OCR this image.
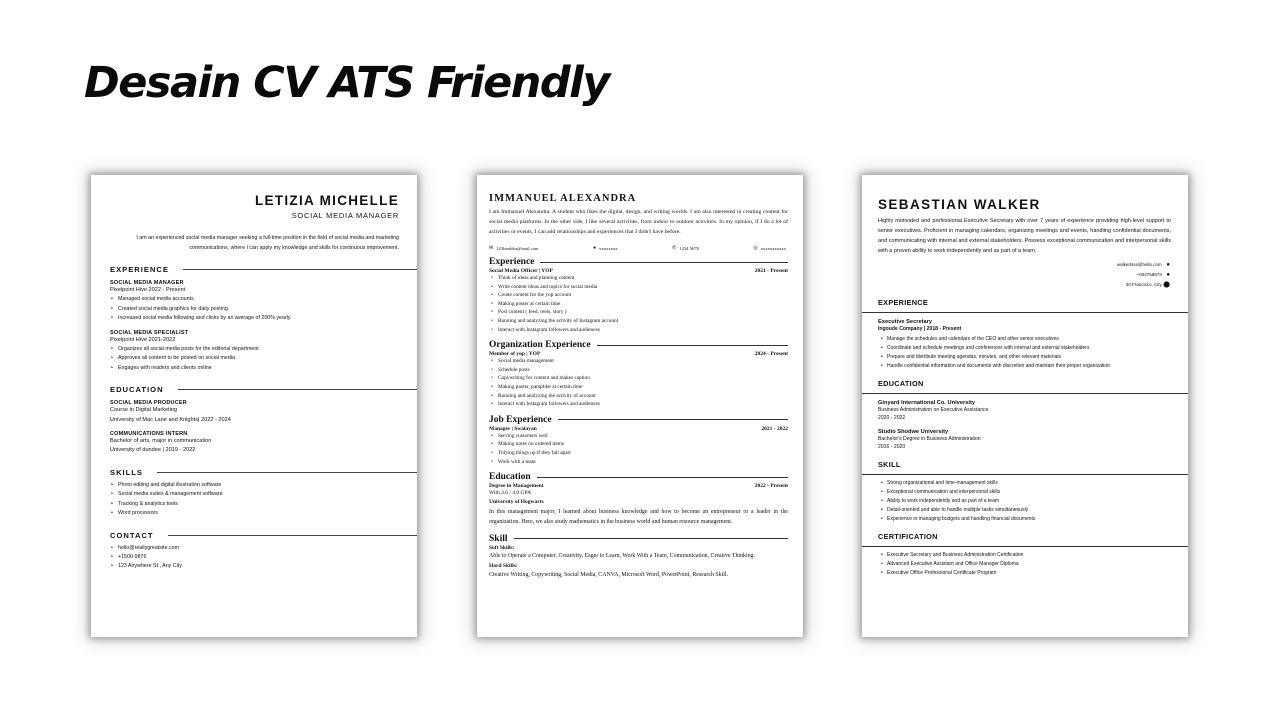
Desain CV ATS Friendly
LETIZIA MICHELLE
SOCIAL MEDIA MANAGER
I am an experienced social media manager seeking a full-time position in the field of social media and marketing communications, where I can apply my knowledge and skills for continuous improvement.
EXPERIENCE
SOCIAL MEDIA MANAGER
Pixelpoint Hive 2022 - Present
• Managed social media accounts.
• Created social media graphics for daily posting.
• Increased social media following and clicks by an average of 200% yearly.
SOCIAL MEDIA SPECIALIST
Pixelpoint Hive 2021-2022
• Organizes all social media posts for the editorial department
• Approves all content to be posted on social media
• Engages with readers and clients online
EDUCATION
SOCIAL MEDIA PRODUCER
Course in Digital Marketing
University of Mac Lane and Knights| 2022 - 2024
COMMUNICATIONS INTERN
Bachelor of arts, major in communication
University of dundee | 2019 - 2022
SKILLS
• Photo editing and digital illustration software
• Social media suites & management software
• Tracking & analytics tools
• Word processors
CONTACT
• hello@reallygreatsite.com
• +1500-9876
• 123 Anywhere St., Any City
IMMANUEL ALEXANDRA
I am Immanuel Alexandra. A student who likes the digital, design, and writing worlds. I am also interested in creating content for social media platforms. In the other side, I like several activities, from indoor to outdoor activities. In my opinion, if I do a lot of activities or events, I can add relationships and experiences that I didn't have before.
✉ 123lmaldra@mail.com	● xxxxxxxx	✆ 1234 5678	◎ xxxxxxxxxxx
Experience
Social Media Officer | YOP	2021 - Present
• Think of ideas and planning content
• Write content ideas and topics for social media
• Create content for the yop account
• Making poster at certain time
• Post content ( feed, reels, story )
• Running and analyzing the activity of Instagram account
• Interact with Instagram followers and audiences
Organization Experience
Member of yop | YOP	2024 - Present
• Social media management
• Schedule posts
• Copywriting for content and makes caption
• Making poster, pamphlet at certain time
• Running and analyzing the activity of account
• Interact with Instagram followers and audiences
Job Experience
Manager | Swalayan	2021 - 2022
• Serving customers well
• Making notes on ordered items
• Tidying things up if they fall apart
• Work with a team
Education
Degree in Management	2022 - Present
With 3.6 / 4.0 GPA
University of Hogwarts
In this management major, I learned about business knowledge and how to become an entrepreneur or a leader in the organization. Here, we also study mathematics in the business world and human resource management.
Skill
Soft Skills:
Able to Operate a Computer, Creativity, Eager to Learn, Work With a Team, Communication, Creative Thinking.
Hard Skills:
Creative Writing, Copywriting, Social Media, CANVA, Microsoft Word, PowerPoint, Research Skill.
SEBASTIAN WALKER
Highly motivated and professional Executive Secretary with over 7 years of experience providing high-level support to senior executives. Proficient in managing calendars, organizing meetings and events, handling confidential documents, and communicating with internal and external stakeholders. Possess exceptional communication and interpersonal skills with a proven ability to work independently and as part of a team.
walkertsss@hello.com ●
+003758873 ●
30 Francisco, City ⬤
EXPERIENCE
Executive Secretary
Ingoude Company | 2018 - Present
• Manage the schedules and calendars of the CEO and other senior executives
• Coordinate and schedule meetings and conferences with internal and external stakeholders
• Prepare and distribute meeting agendas, minutes, and other relevant materials
• Handle confidential information and documents with discretion and maintain their proper organization
EDUCATION
Ginyard International Co. University
Business Administration on Executive Assistance
2020 - 2022
Studio Shodwe University
Bachelor's Degree in Business Administration
2016 - 2020
SKILL
• Strong organizational and time-management skills
• Exceptional communication and interpersonal skills
• Ability to work independently and as part of a team
• Detail-oriented and able to handle multiple tasks simultaneously
• Experience in managing budgets and handling financial documents
CERTIFICATION
• Executive Secretary and Business Administration Certification
• Advanced Executive Assistant and Office Manager Diploma
• Executive Office Professional Certificate Program
